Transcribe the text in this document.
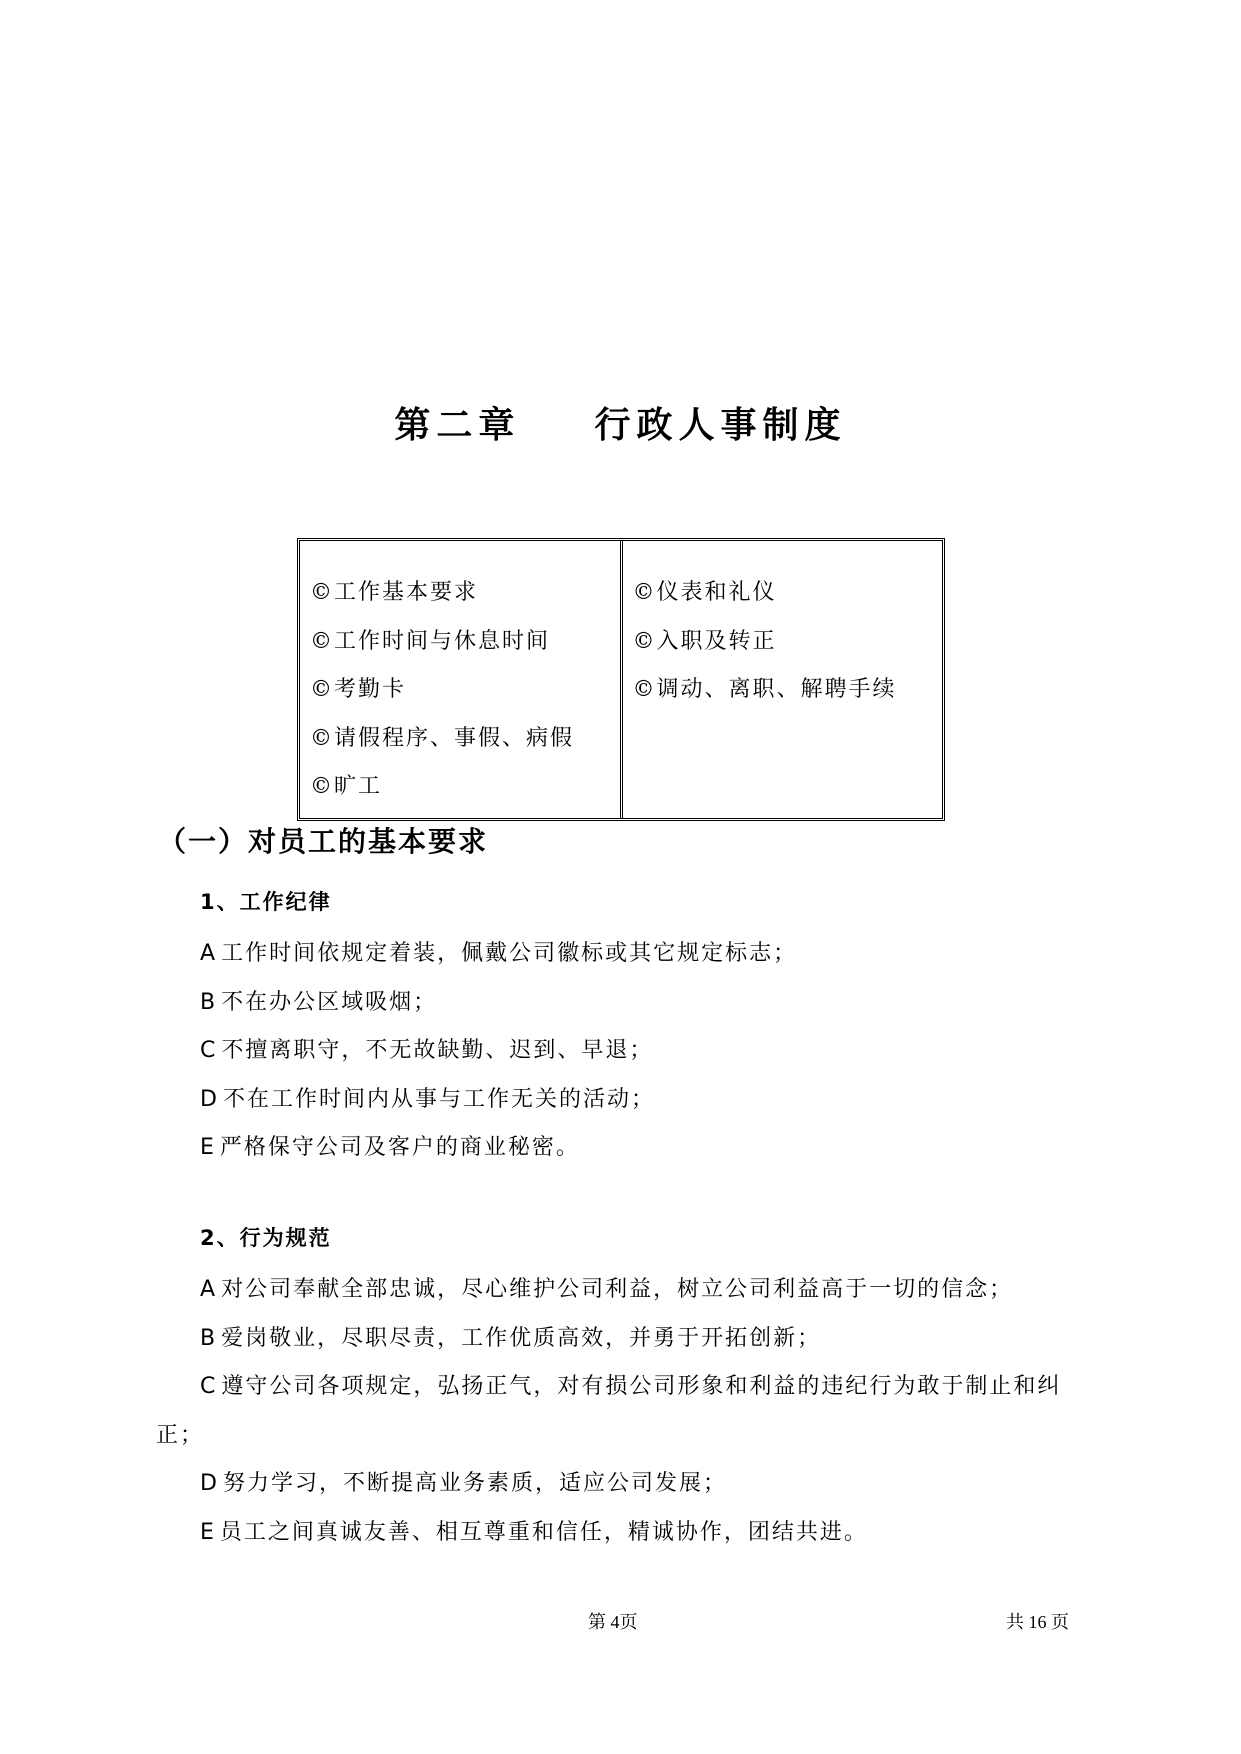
第二章    行政人事制度
©工作基本要求
©工作时间与休息时间
©考勤卡
©请假程序、事假、病假
©旷工
©仪表和礼仪
©入职及转正
©调动、离职、解聘手续
（一）对员工的基本要求
1、工作纪律
A 工作时间依规定着装，佩戴公司徽标或其它规定标志；
B 不在办公区域吸烟；
C 不擅离职守，不无故缺勤、迟到、早退；
D 不在工作时间内从事与工作无关的活动；
E 严格保守公司及客户的商业秘密。
2、行为规范
A 对公司奉献全部忠诚，尽心维护公司利益，树立公司利益高于一切的信念；
B 爱岗敬业，尽职尽责，工作优质高效，并勇于开拓创新；
C 遵守公司各项规定，弘扬正气，对有损公司形象和利益的违纪行为敢于制止和纠
正；
D 努力学习，不断提高业务素质，适应公司发展；
E 员工之间真诚友善、相互尊重和信任，精诚协作，团结共进。
第 4页	共 16 页
